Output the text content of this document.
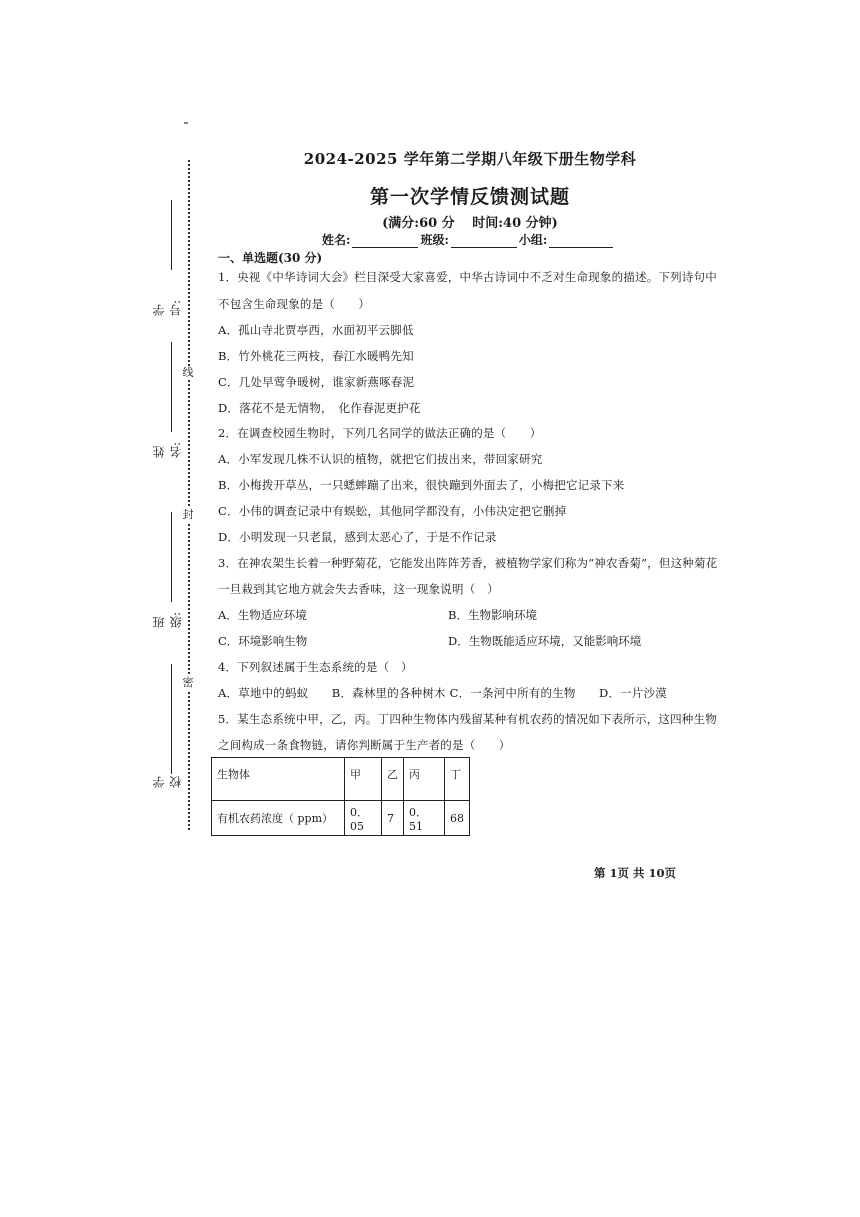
线
封
密
学号:
姓名:
班级:
学校
2024-2025 学年第二学期八年级下册生物学科
第一次学情反馈测试题
(满分:60 分　 时间:40 分钟)
姓名:	班级:	小组:
一、单选题(30 分)
1．央视《中华诗词大会》栏目深受大家喜爱，中华古诗词中不乏对生命现象的描述。下列诗句中
不包含生命现象的是（　　）
A．孤山寺北贾亭西，水面初平云脚低
B．竹外桃花三两枝，春江水暖鸭先知
C．几处早莺争暖树，谁家新燕啄春泥
D．落花不是无情物，　化作春泥更护花
2．在调查校园生物时，下列几名同学的做法正确的是（　　）
A．小军发现几株不认识的植物，就把它们拔出来，带回家研究
B．小梅拨开草丛，一只蟋蟀蹦了出来，很快蹦到外面去了，小梅把它记录下来
C．小伟的调查记录中有蜈蚣，其他同学都没有，小伟决定把它删掉
D．小明发现一只老鼠，感到太恶心了，于是不作记录
3．在神农架生长着一种野菊花，它能发出阵阵芳香，被植物学家们称为“神农香菊”，但这种菊花
一旦栽到其它地方就会失去香味，这一现象说明（　）
A．生物适应环境	B．生物影响环境
C．环境影响生物	D．生物既能适应环境，又能影响环境
4．下列叙述属于生态系统的是（　）
A．草地中的蚂蚁　　B．森林里的各种树木 C．一条河中所有的生物　　D．一片沙漠
5．某生态系统中甲，乙，丙。丁四种生物体内残留某种有机农药的情况如下表所示，这四种生物
之间构成一条食物链，请你判断属于生产者的是（　　）
生物体	甲	乙	丙	丁
有机农药浓度（ ppm）	0．05	7	0．51	68
第 1页 共 10页
